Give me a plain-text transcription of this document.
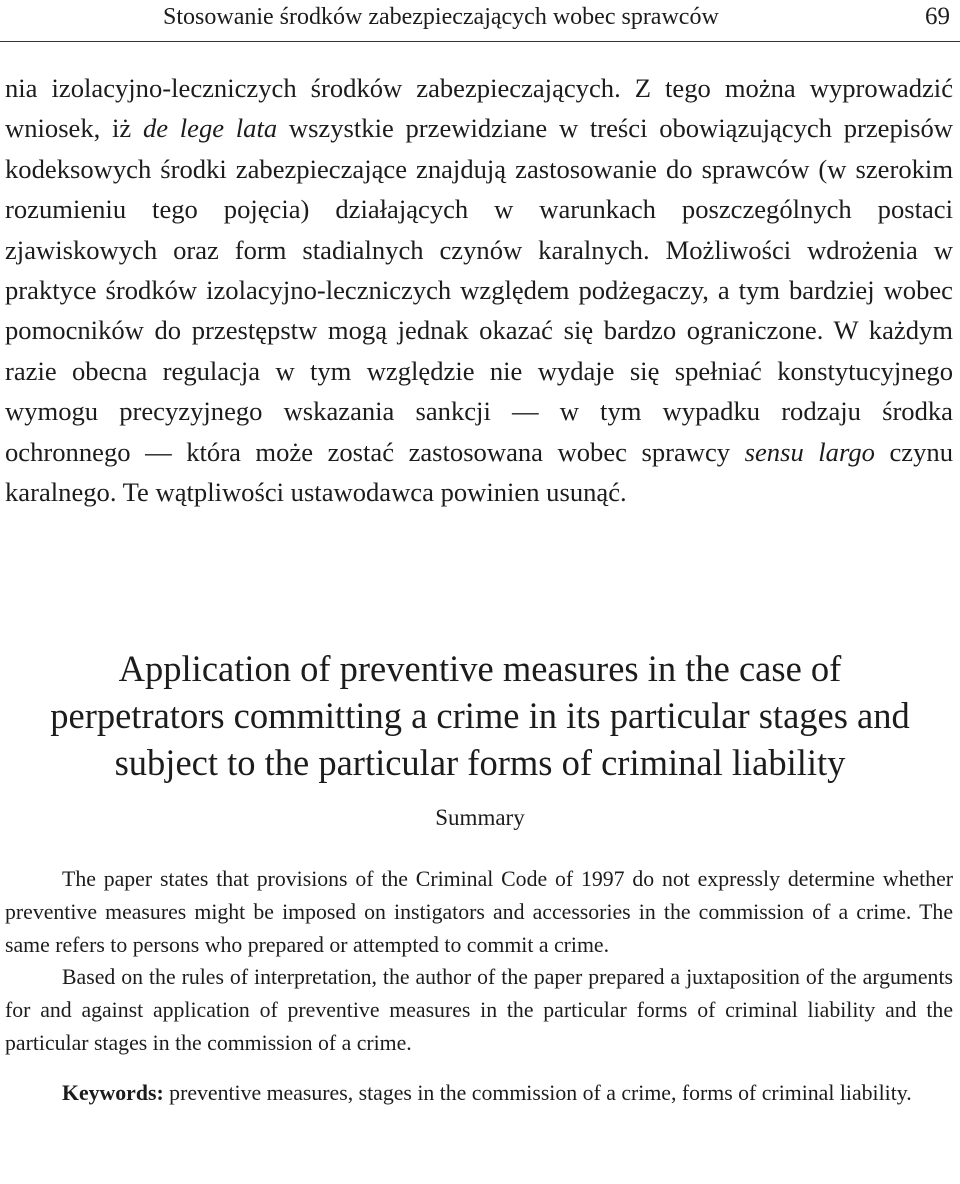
Stosowanie środków zabezpieczających wobec sprawców	69

nia izolacyjno-leczniczych środków zabezpieczających. Z tego można wyprowadzić wniosek, iż de lege lata wszystkie przewidziane w treści obowiązujących przepisów kodeksowych środki zabezpieczające znajdują zastosowanie do sprawców (w szerokim rozumieniu tego pojęcia) działających w warunkach poszczególnych postaci zjawiskowych oraz form stadialnych czynów karalnych. Możliwości wdrożenia w praktyce środków izolacyjno-leczniczych względem podżegaczy, a tym bardziej wobec pomocników do przestępstw mogą jednak okazać się bardzo ograniczone. W każdym razie obecna regulacja w tym względzie nie wydaje się spełniać konstytucyjnego wymogu precyzyjnego wskazania sankcji — w tym wypadku rodzaju środka ochronnego — która może zostać zastosowana wobec sprawcy sensu largo czynu karalnego. Te wątpliwości ustawodawca powinien usunąć.

Application of preventive measures in the case of
perpetrators committing a crime in its particular stages and
subject to the particular forms of criminal liability
Summary

The paper states that provisions of the Criminal Code of 1997 do not expressly determine whether preventive measures might be imposed on instigators and accessories in the commission of a crime. The same refers to persons who prepared or attempted to commit a crime.

Based on the rules of interpretation, the author of the paper prepared a juxtaposition of the arguments for and against application of preventive measures in the particular forms of criminal liability and the particular stages in the commission of a crime.

Keywords: preventive measures, stages in the commission of a crime, forms of criminal liability.
